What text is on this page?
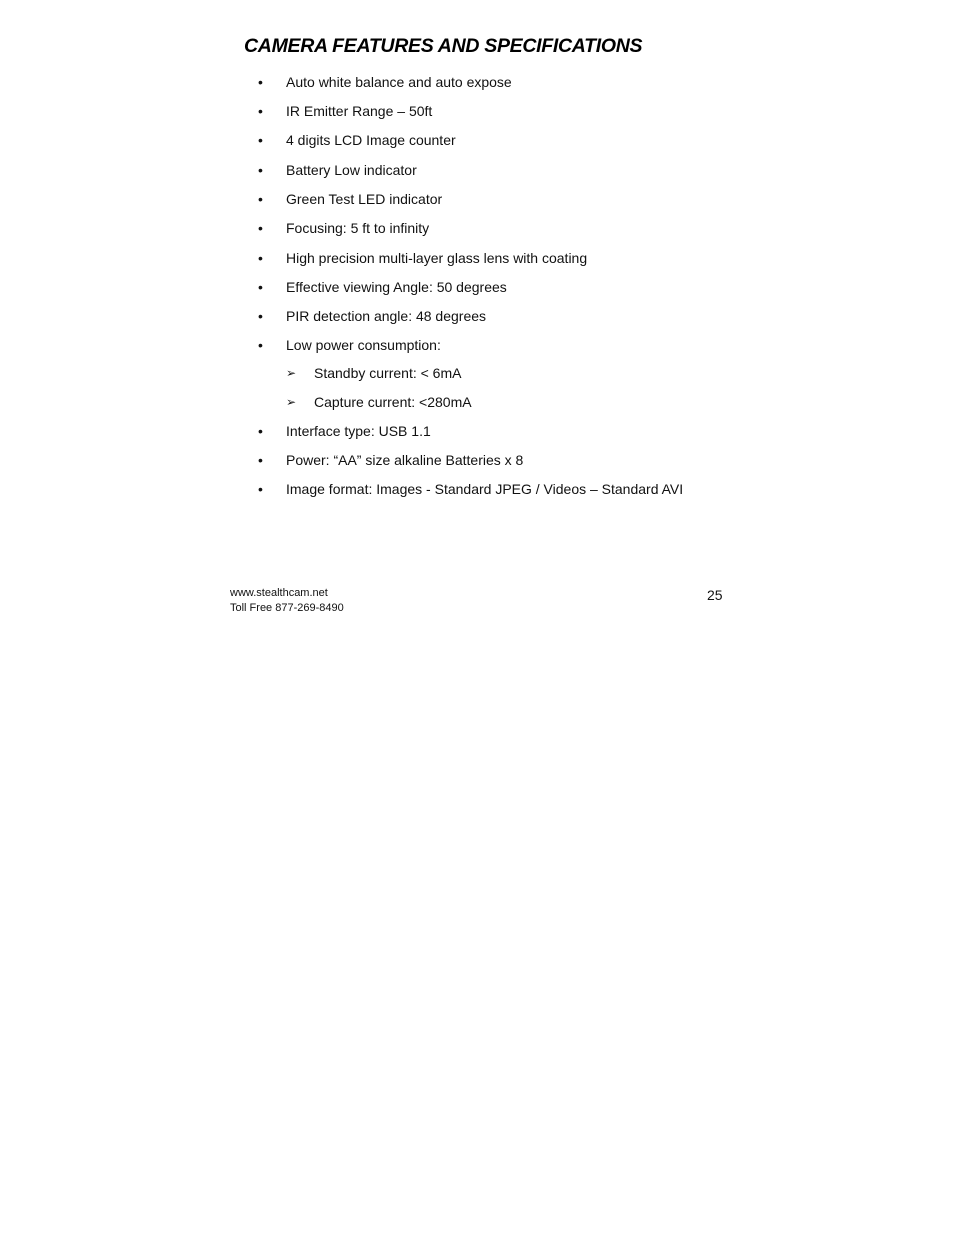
CAMERA FEATURES AND SPECIFICATIONS
• Auto white balance and auto expose
• IR Emitter Range – 50ft
• 4 digits LCD Image counter
• Battery Low indicator
• Green Test LED indicator
• Focusing: 5 ft to infinity
• High precision multi-layer glass lens with coating
• Effective viewing Angle: 50 degrees
• PIR detection angle: 48 degrees
• Low power consumption:
➢ Standby current: < 6mA
➢ Capture current: <280mA
• Interface type: USB 1.1
• Power: “AA” size alkaline Batteries x 8
• Image format: Images - Standard JPEG / Videos – Standard AVI
www.stealthcam.net
Toll Free 877-269-8490
25
